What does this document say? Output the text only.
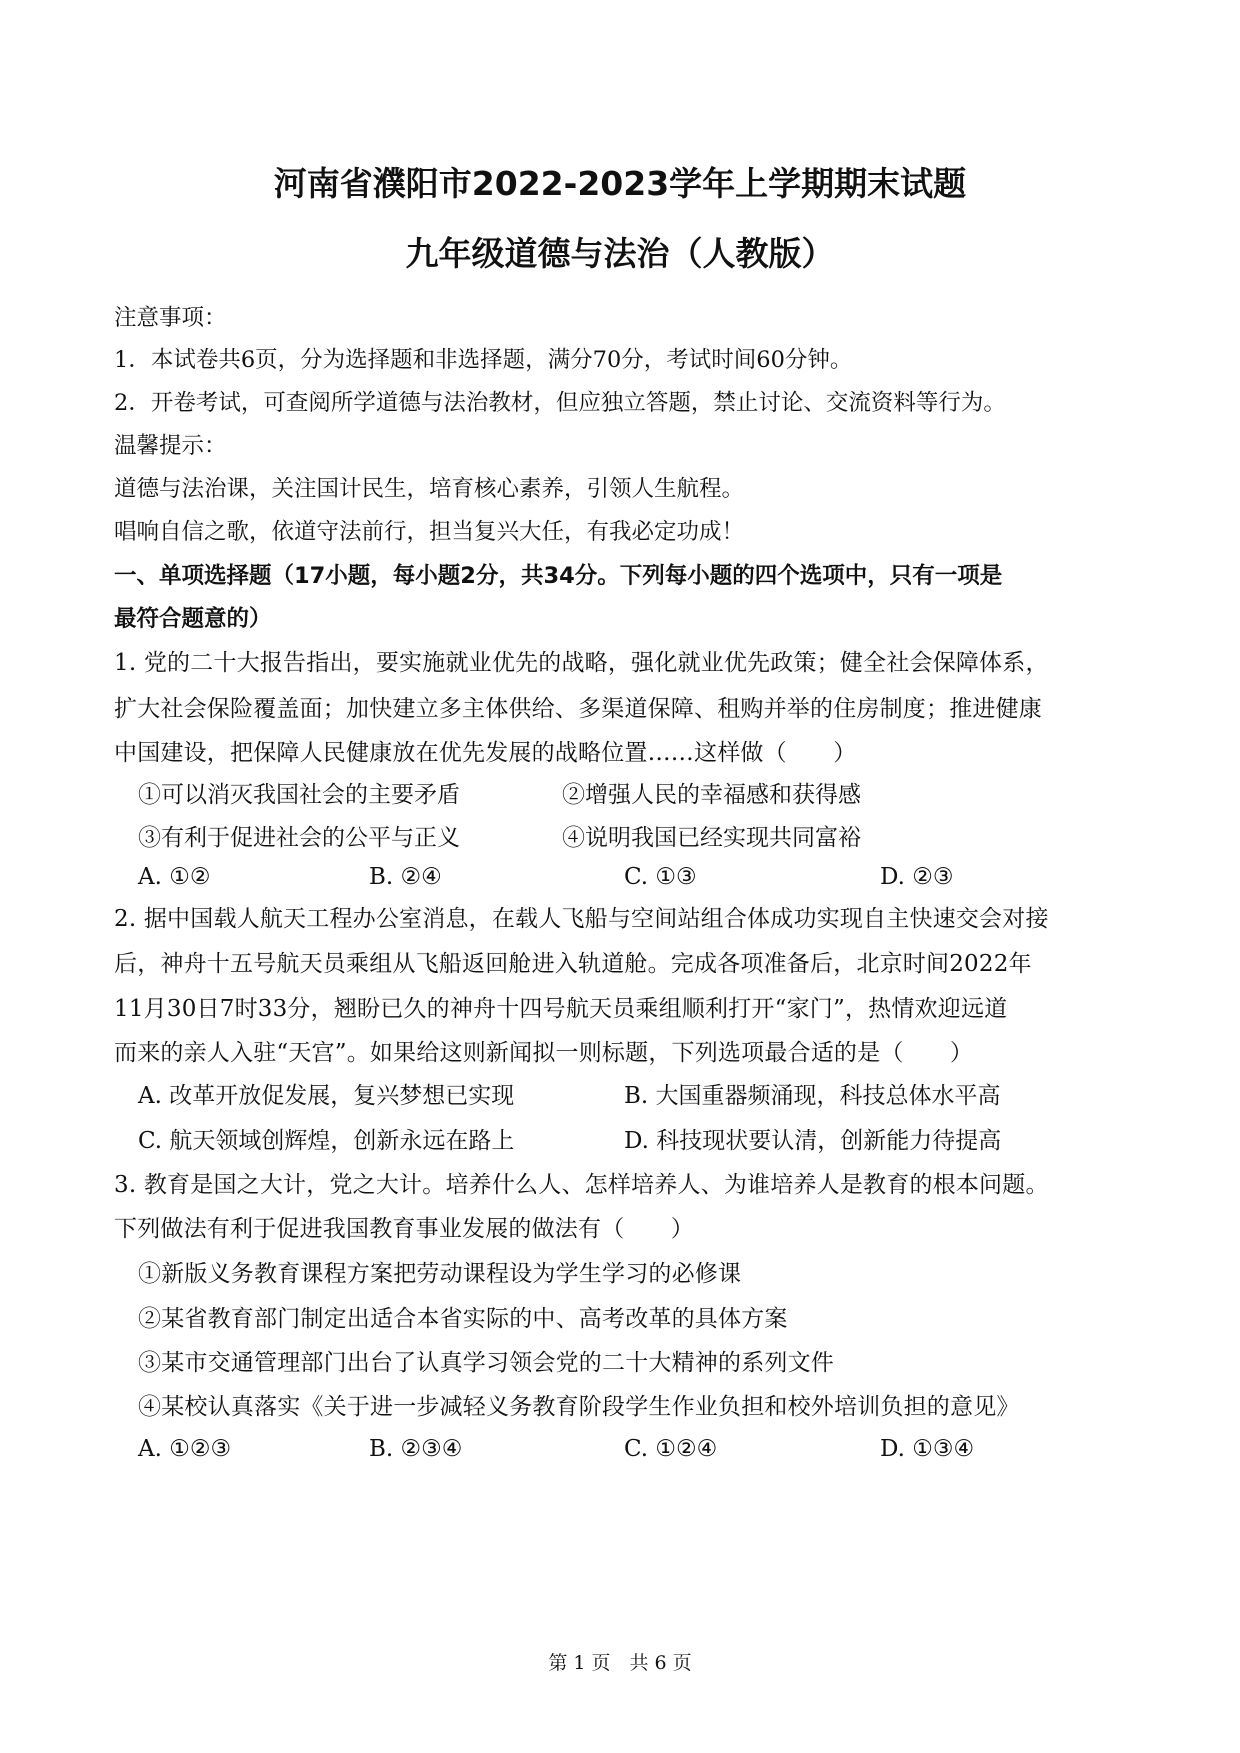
河南省濮阳市2022-2023学年上学期期末试题
九年级道德与法治（人教版）

注意事项：

1．本试卷共6页，分为选择题和非选择题，满分70分，考试时间60分钟。

2．开卷考试，可查阅所学道德与法治教材，但应独立答题，禁止讨论、交流资料等行为。

温馨提示：

道德与法治课，关注国计民生，培育核心素养，引领人生航程。

唱响自信之歌，依道守法前行，担当复兴大任，有我必定功成！

一、单项选择题（17小题，每小题2分，共34分。下列每小题的四个选项中，只有一项是

最符合题意的）

1. 党的二十大报告指出，要实施就业优先的战略，强化就业优先政策；健全社会保障体系，

扩大社会保险覆盖面；加快建立多主体供给、多渠道保障、租购并举的住房制度；推进健康

中国建设，把保障人民健康放在优先发展的战略位置……这样做（　　）

①可以消灭我国社会的主要矛盾	②增强人民的幸福感和获得感
③有利于促进社会的公平与正义	④说明我国已经实现共同富裕
A. ①②	B. ②④	C. ①③	D. ②③

2. 据中国载人航天工程办公室消息，在载人飞船与空间站组合体成功实现自主快速交会对接

后，神舟十五号航天员乘组从飞船返回舱进入轨道舱。完成各项准备后，北京时间2022年

11月30日7时33分，翘盼已久的神舟十四号航天员乘组顺利打开“家门”，热情欢迎远道

而来的亲人入驻“天宫”。如果给这则新闻拟一则标题，下列选项最合适的是（　　）

A. 改革开放促发展，复兴梦想已实现	B. 大国重器频涌现，科技总体水平高
C. 航天领域创辉煌，创新永远在路上	D. 科技现状要认清，创新能力待提高

3. 教育是国之大计，党之大计。培养什么人、怎样培养人、为谁培养人是教育的根本问题。

下列做法有利于促进我国教育事业发展的做法有（　　）

①新版义务教育课程方案把劳动课程设为学生学习的必修课

②某省教育部门制定出适合本省实际的中、高考改革的具体方案

③某市交通管理部门出台了认真学习领会党的二十大精神的系列文件

④某校认真落实《关于进一步减轻义务教育阶段学生作业负担和校外培训负担的意见》

A. ①②③	B. ②③④	C. ①②④	D. ①③④
第 1 页　共 6 页
